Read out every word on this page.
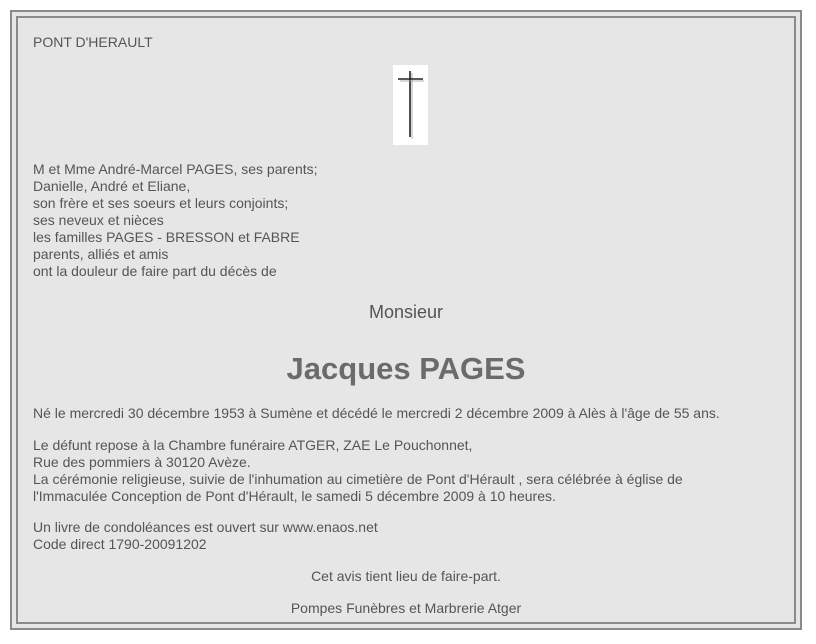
PONT D'HERAULT
M et Mme André-Marcel PAGES, ses parents;
Danielle, André et Eliane,
son frère et ses soeurs et leurs conjoints;
ses neveux et nièces
les familles PAGES - BRESSON et FABRE
parents, alliés et amis
ont la douleur de faire part du décès de
Monsieur
Jacques PAGES
Né le mercredi 30 décembre 1953 à Sumène et décédé le mercredi 2 décembre 2009 à Alès à l'âge de 55 ans.
Le défunt repose à la Chambre funéraire ATGER, ZAE Le Pouchonnet,
Rue des pommiers à 30120 Avèze.
La cérémonie religieuse, suivie de l'inhumation au cimetière de Pont d'Hérault , sera célébrée à église de
l'Immaculée Conception de Pont d'Hérault, le samedi 5 décembre 2009 à 10 heures.
Un livre de condoléances est ouvert sur www.enaos.net
Code direct 1790-20091202
Cet avis tient lieu de faire-part.
Pompes Funèbres et Marbrerie Atger
